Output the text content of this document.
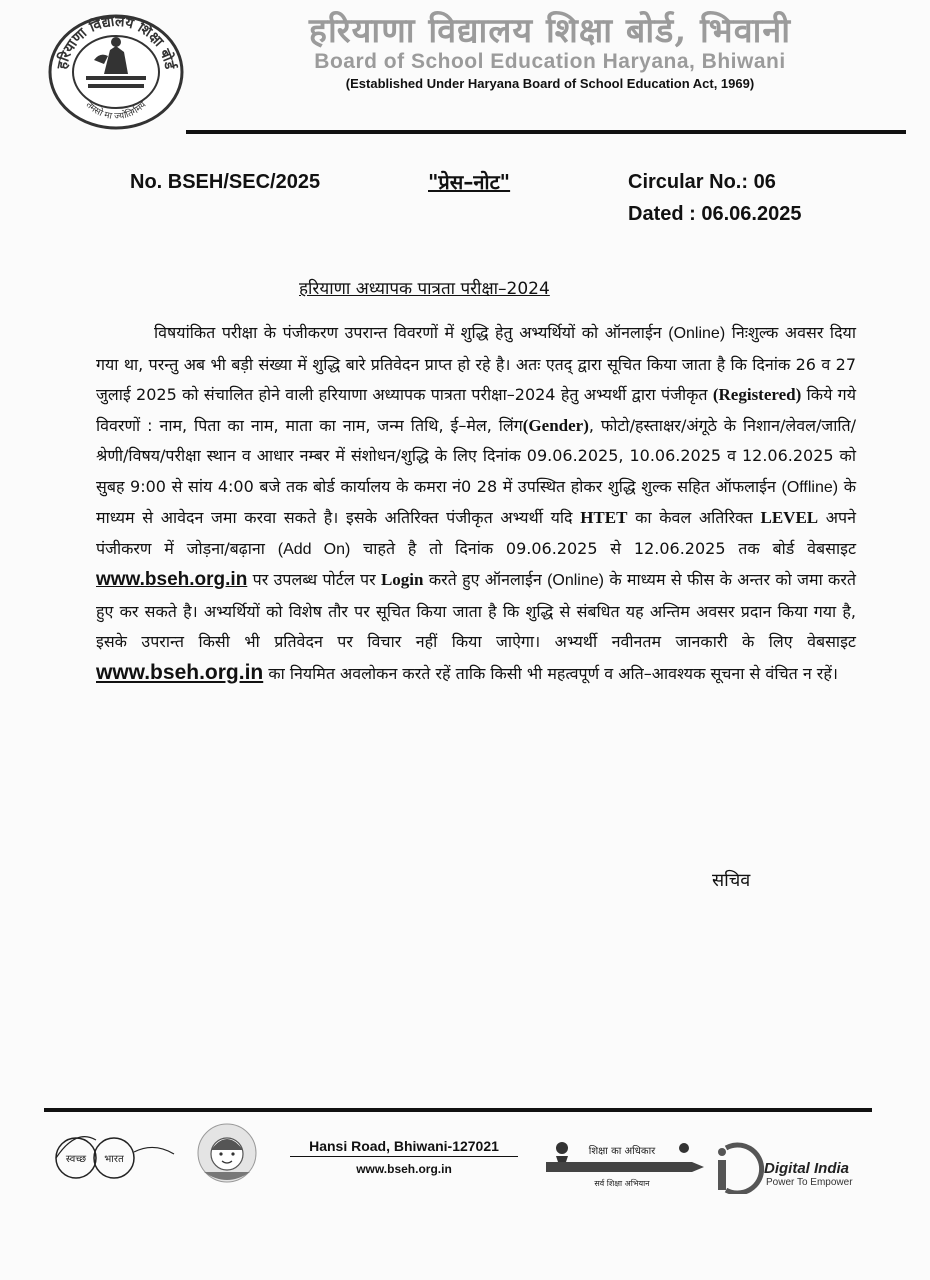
हरियाणा विद्यालय शिक्षा बोर्ड
तमसो मा ज्योतिर्गमय
हरियाणा विद्यालय शिक्षा बोर्ड, भिवानी
Board of School Education Haryana, Bhiwani
(Established Under Haryana Board of School Education Act, 1969)
No. BSEH/SEC/2025	"प्रेस–नोट"	Circular No.: 06
Dated : 06.06.2025
हरियाणा अध्यापक पात्रता परीक्षा–2024
विषयांकित परीक्षा के पंजीकरण उपरान्त विवरणों में शुद्धि हेतु अभ्यर्थियों को ऑनलाईन (Online) निःशुल्क अवसर दिया गया था, परन्तु अब भी बड़ी संख्या में शुद्धि बारे प्रतिवेदन प्राप्त हो रहे है। अतः एतद् द्वारा सूचित किया जाता है कि दिनांक 26 व 27 जुलाई 2025 को संचालित होने वाली हरियाणा अध्यापक पात्रता परीक्षा–2024 हेतु अभ्यर्थी द्वारा पंजीकृत (Registered) किये गये विवरणों : नाम, पिता का नाम, माता का नाम, जन्म तिथि, ई–मेल, लिंग(Gender), फोटो/हस्ताक्षर/अंगूठे के निशान/लेवल/जाति/श्रेणी/विषय/परीक्षा स्थान व आधार नम्बर में संशोधन/शुद्धि के लिए दिनांक 09.06.2025, 10.06.2025 व 12.06.2025 को सुबह 9:00 से सांय 4:00 बजे तक बोर्ड कार्यालय के कमरा नं0 28 में उपस्थित होकर शुद्धि शुल्क सहित ऑफलाईन (Offline) के माध्यम से आवेदन जमा करवा सकते है। इसके अतिरिक्त पंजीकृत अभ्यर्थी यदि HTET का केवल अतिरिक्त LEVEL अपने पंजीकरण में जोड़ना/बढ़ाना (Add On) चाहते है तो दिनांक 09.06.2025 से 12.06.2025 तक बोर्ड वेबसाइट www.bseh.org.in पर उपलब्ध पोर्टल पर Login करते हुए ऑनलाईन (Online) के माध्यम से फीस के अन्तर को जमा करते हुए कर सकते है। अभ्यर्थियों को विशेष तौर पर सूचित किया जाता है कि शुद्धि से संबधित यह अन्तिम अवसर प्रदान किया गया है, इसके उपरान्त किसी भी प्रतिवेदन पर विचार नहीं किया जाऐगा। अभ्यर्थी नवीनतम जानकारी के लिए वेबसाइट www.bseh.org.in का नियमित अवलोकन करते रहें ताकि किसी भी महत्वपूर्ण व अति–आवश्यक सूचना से वंचित न रहें।
सचिव
स्वच्छ भारत
Hansi Road, Bhiwani-127021
www.bseh.org.in
शिक्षा का अधिकार
सर्व शिक्षा अभियान
Digital India
Power To Empower
